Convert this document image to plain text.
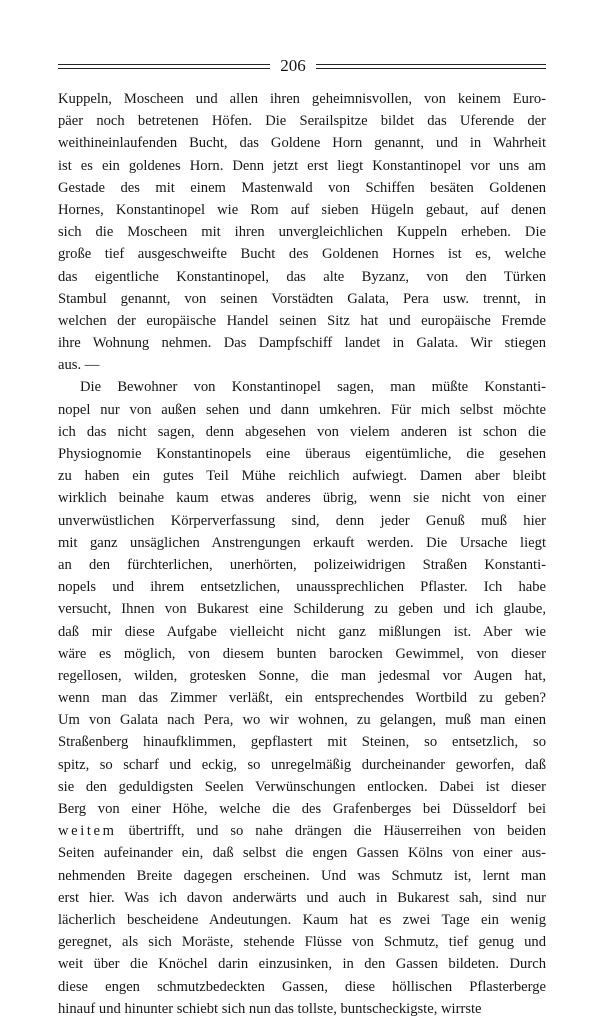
206
Kuppeln, Moscheen und allen ihren geheimnisvollen, von keinem Euro-
päer noch betretenen Höfen. Die Serailspitze bildet das Uferende der
weithineinlaufenden Bucht, das Goldene Horn genannt, und in Wahrheit
ist es ein goldenes Horn. Denn jetzt erst liegt Konstantinopel vor uns am
Gestade des mit einem Mastenwald von Schiffen besäten Goldenen
Hornes, Konstantinopel wie Rom auf sieben Hügeln gebaut, auf denen
sich die Moscheen mit ihren unvergleichlichen Kuppeln erheben. Die
große tief ausgeschweifte Bucht des Goldenen Hornes ist es, welche
das eigentliche Konstantinopel, das alte Byzanz, von den Türken
Stambul genannt, von seinen Vorstädten Galata, Pera usw. trennt, in
welchen der europäische Handel seinen Sitz hat und europäische Fremde
ihre Wohnung nehmen. Das Dampfschiff landet in Galata. Wir stiegen
aus. —
Die Bewohner von Konstantinopel sagen, man müßte Konstanti-
nopel nur von außen sehen und dann umkehren. Für mich selbst möchte
ich das nicht sagen, denn abgesehen von vielem anderen ist schon die
Physiognomie Konstantinopels eine überaus eigentümliche, die gesehen
zu haben ein gutes Teil Mühe reichlich aufwiegt. Damen aber bleibt
wirklich beinahe kaum etwas anderes übrig, wenn sie nicht von einer
unverwüstlichen Körperverfassung sind, denn jeder Genuß muß hier
mit ganz unsäglichen Anstrengungen erkauft werden. Die Ursache liegt
an den fürchterlichen, unerhörten, polizeiwidrigen Straßen Konstanti-
nopels und ihrem entsetzlichen, unaussprechlichen Pflaster. Ich habe
versucht, Ihnen von Bukarest eine Schilderung zu geben und ich glaube,
daß mir diese Aufgabe vielleicht nicht ganz mißlungen ist. Aber wie
wäre es möglich, von diesem bunten barocken Gewimmel, von dieser
regellosen, wilden, grotesken Sonne, die man jedesmal vor Augen hat,
wenn man das Zimmer verläßt, ein entsprechendes Wortbild zu geben?
Um von Galata nach Pera, wo wir wohnen, zu gelangen, muß man einen
Straßenberg hinaufklimmen, gepflastert mit Steinen, so entsetzlich, so
spitz, so scharf und eckig, so unregelmäßig durcheinander geworfen, daß
sie den geduldigsten Seelen Verwünschungen entlocken. Dabei ist dieser
Berg von einer Höhe, welche die des Grafenberges bei Düsseldorf bei
weitem übertrifft, und so nahe drängen die Häuserreihen von beiden
Seiten aufeinander ein, daß selbst die engen Gassen Kölns von einer aus-
nehmenden Breite dagegen erscheinen. Und was Schmutz ist, lernt man
erst hier. Was ich davon anderwärts und auch in Bukarest sah, sind nur
lächerlich bescheidene Andeutungen. Kaum hat es zwei Tage ein wenig
geregnet, als sich Moräste, stehende Flüsse von Schmutz, tief genug und
weit über die Knöchel darin einzusinken, in den Gassen bildeten. Durch
diese engen schmutzbedeckten Gassen, diese höllischen Pflasterberge
hinauf und hinunter schiebt sich nun das tollste, buntscheckigste, wirrste
